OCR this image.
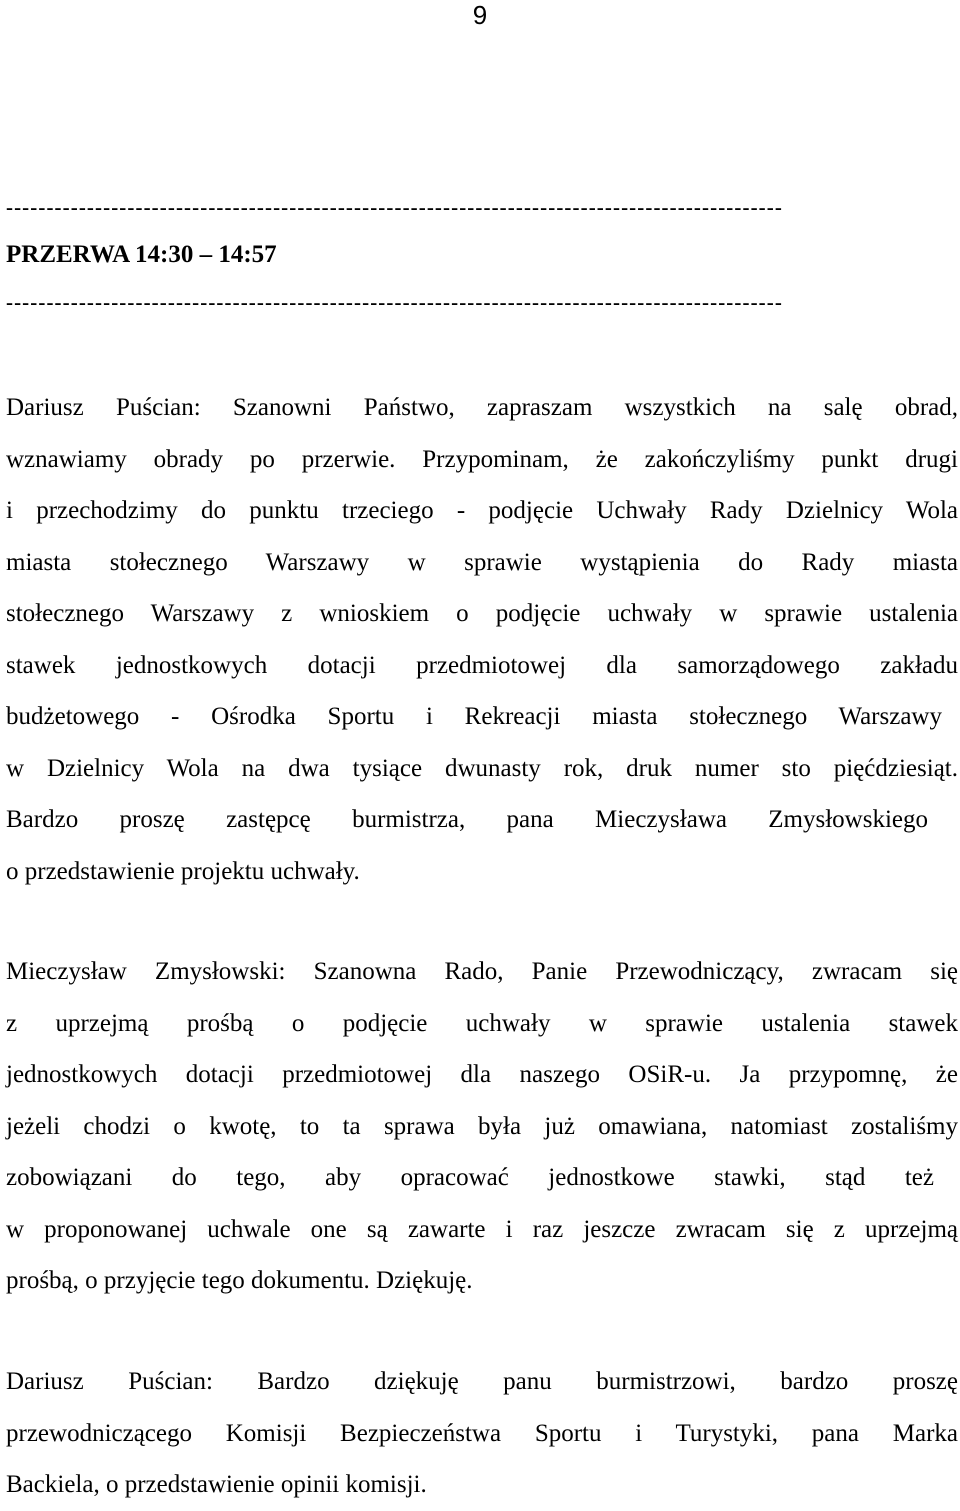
9
------------------------------------------------------------------------------------------------
PRZERWA 14:30 – 14:57
------------------------------------------------------------------------------------------------
Dariusz Puścian: Szanowni Państwo, zapraszam wszystkich na salę obrad,
wznawiamy obrady po przerwie. Przypominam, że zakończyliśmy punkt drugi
i przechodzimy do punktu trzeciego - podjęcie Uchwały Rady Dzielnicy Wola
miasta stołecznego Warszawy w sprawie wystąpienia do Rady miasta
stołecznego Warszawy z wnioskiem o podjęcie uchwały w sprawie ustalenia
stawek jednostkowych dotacji przedmiotowej dla samorządowego zakładu
budżetowego - Ośrodka Sportu i Rekreacji miasta stołecznego Warszawy
w Dzielnicy Wola na dwa tysiące dwunasty rok, druk numer sto pięćdziesiąt.
Bardzo proszę zastępcę burmistrza, pana Mieczysława Zmysłowskiego
o przedstawienie projektu uchwały.
Mieczysław Zmysłowski: Szanowna Rado, Panie Przewodniczący, zwracam się
z uprzejmą prośbą o podjęcie uchwały w sprawie ustalenia stawek
jednostkowych dotacji przedmiotowej dla naszego OSiR-u. Ja przypomnę, że
jeżeli chodzi o kwotę, to ta sprawa była już omawiana, natomiast zostaliśmy
zobowiązani do tego, aby opracować jednostkowe stawki, stąd też
w proponowanej uchwale one są zawarte i raz jeszcze zwracam się z uprzejmą
prośbą, o przyjęcie tego dokumentu. Dziękuję.
Dariusz Puścian: Bardzo dziękuję panu burmistrzowi, bardzo proszę
przewodniczącego Komisji Bezpieczeństwa Sportu i Turystyki, pana Marka
Backiela, o przedstawienie opinii komisji.
